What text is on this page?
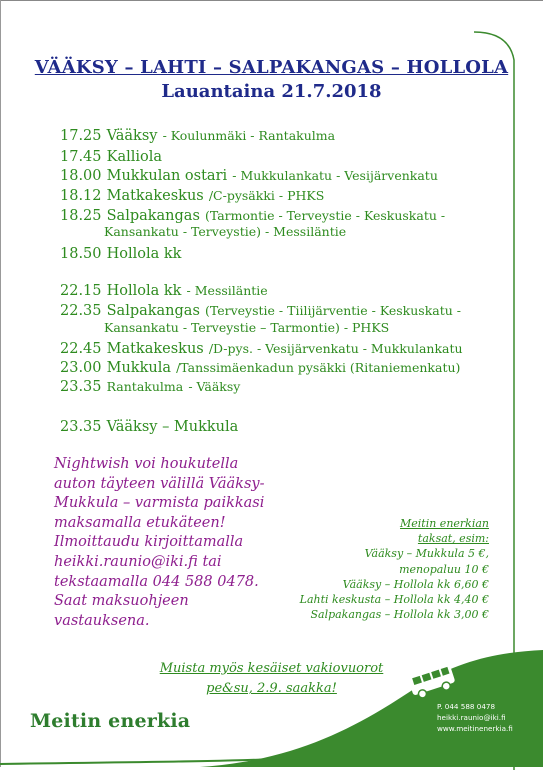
VÄÄKSY – LAHTI – SALPAKANGAS – HOLLOLA
Lauantaina 21.7.2018
17.25 Vääksy - Koulunmäki - Rantakulma
17.45 Kalliola
18.00 Mukkulan ostari - Mukkulankatu - Vesijärvenkatu
18.12 Matkakeskus /C-pysäkki - PHKS
18.25 Salpakangas (Tarmontie - Terveystie - Keskuskatu -
Kansankatu - Terveystie) - Messiläntie
18.50 Hollola kk
22.15 Hollola kk - Messiläntie
22.35 Salpakangas (Terveystie - Tiilijärventie - Keskuskatu -
Kansankatu - Terveystie – Tarmontie) - PHKS
22.45 Matkakeskus /D-pys. - Vesijärvenkatu - Mukkulankatu
23.00 Mukkula /Tanssimäenkadun pysäkki (Ritaniemenkatu)
23.35 Rantakulma - Vääksy
23.35 Vääksy – Mukkula
Nightwish voi houkutella
auton täyteen välillä Vääksy-
Mukkula – varmista paikkasi
maksamalla etukäteen!
Ilmoittaudu kirjoittamalla
heikki.raunio@iki.fi tai
tekstaamalla 044 588 0478.
Saat maksuohjeen
vastauksena.
Meitin enerkian
taksat, esim:
Vääksy – Mukkula 5 €,
menopaluu 10 €
Vääksy – Hollola kk 6,60 €
Lahti keskusta – Hollola kk 4,40 €
Salpakangas – Hollola kk 3,00 €
Muista myös kesäiset vakiovuorot
pe&su, 2.9. saakka!
Meitin enerkia
P. 044 588 0478
heikki.raunio@iki.fi
www.meitinenerkia.fi
